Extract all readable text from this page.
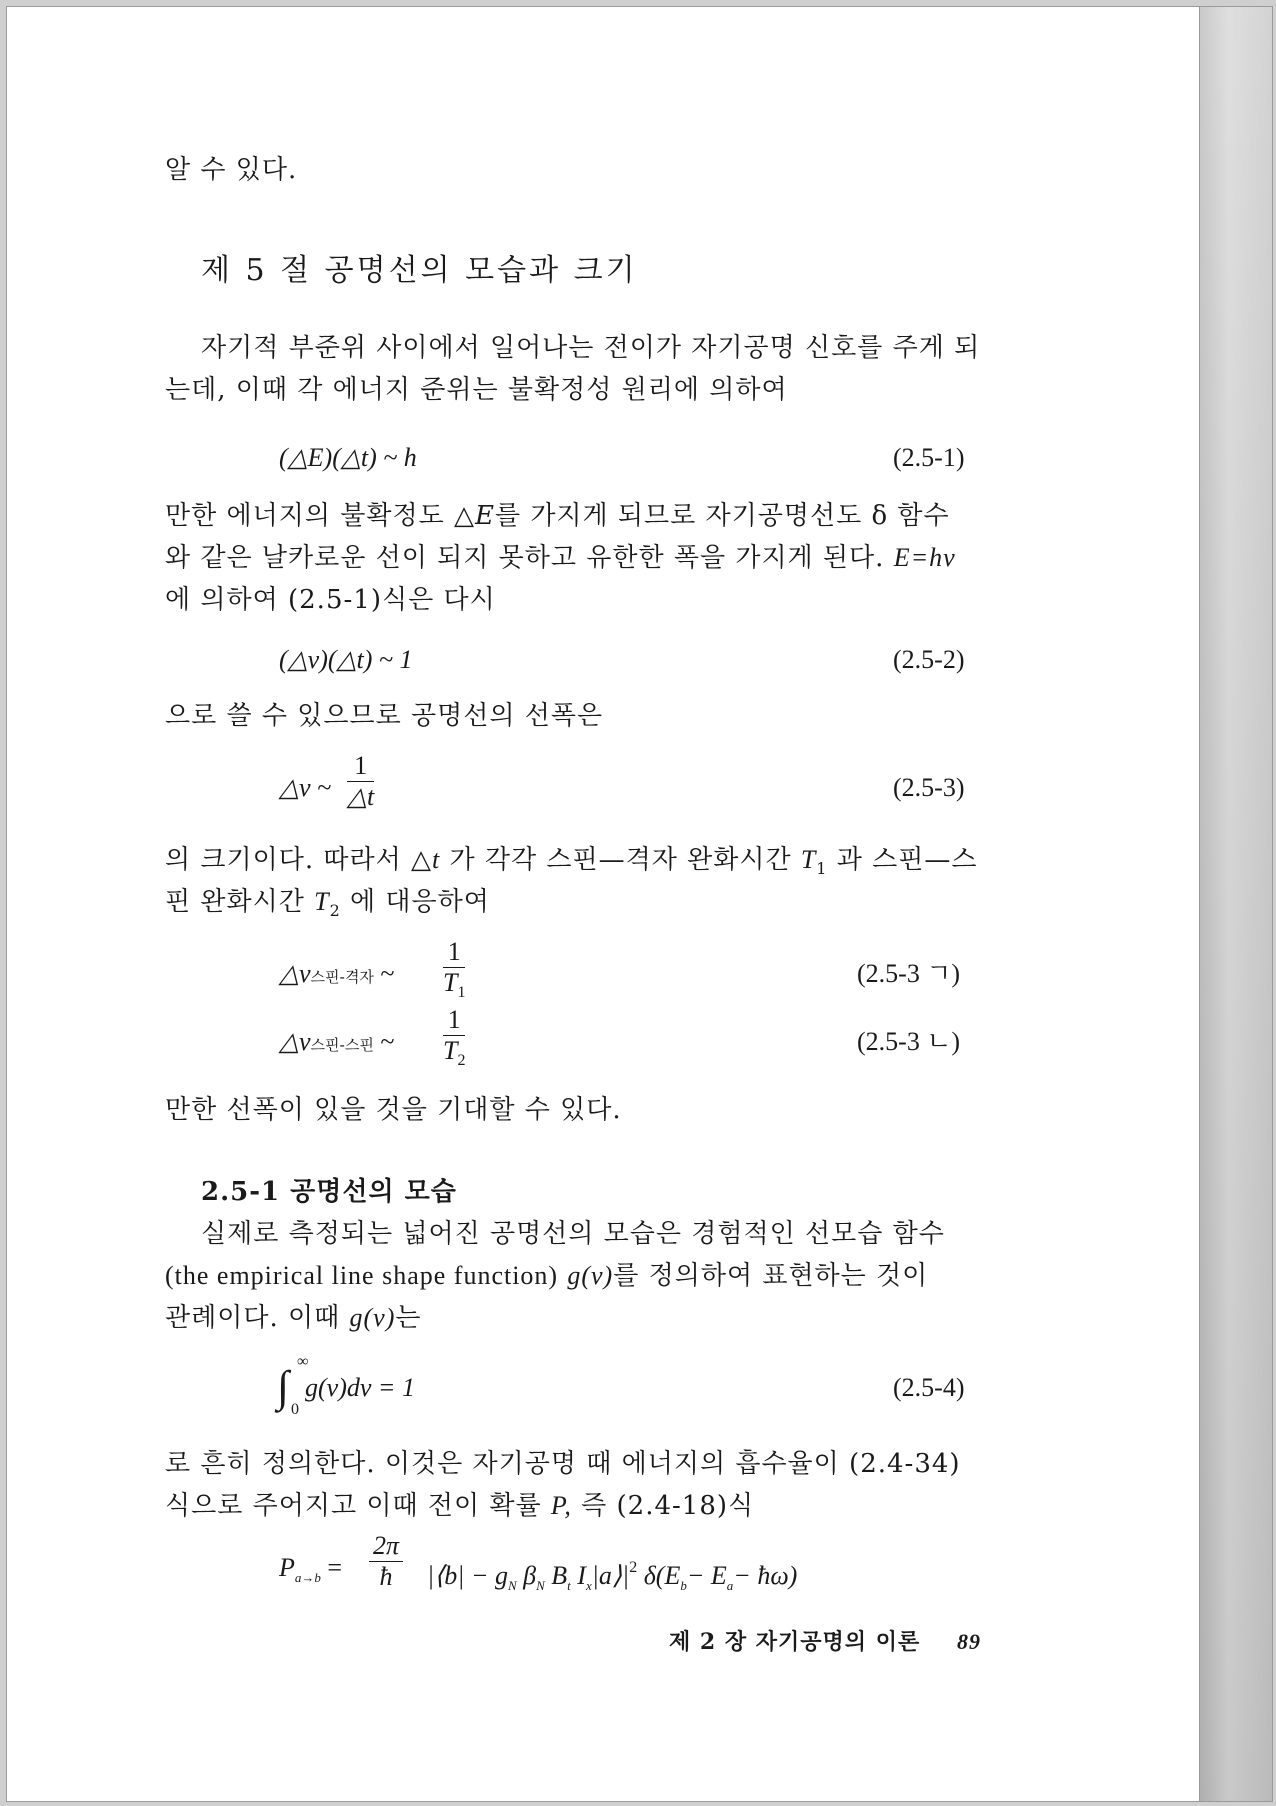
알 수 있다.
제 5 절 공명선의 모습과 크기
자기적 부준위 사이에서 일어나는 전이가 자기공명 신호를 주게 되
는데, 이때 각 에너지 준위는 불확정성 원리에 의하여
(△E)(△t) ~ h	(2.5-1)
만한 에너지의 불확정도 △E를 가지게 되므로 자기공명선도 δ 함수
와 같은 날카로운 선이 되지 못하고 유한한 폭을 가지게 된다. E=hν
에 의하여 (2.5-1)식은 다시
(△ν)(△t) ~ 1	(2.5-2)
으로 쓸 수 있으므로 공명선의 선폭은
△ν ~ $\frac{1}{\triangle t}$	(2.5-3)
의 크기이다. 따라서 △t 가 각각 스핀—격자 완화시간 $T_1$ 과 스핀—스
핀 완화시간 $T_2$ 에 대응하여
△ν스핀-격자 ~ $\frac{1}{T_1}$	(2.5-3 ㄱ)
△ν스핀-스핀 ~ $\frac{1}{T_2}$	(2.5-3 ㄴ)
만한 선폭이 있을 것을 기대할 수 있다.
2.5-1 공명선의 모습
실제로 측정되는 넓어진 공명선의 모습은 경험적인 선모습 함수
(the empirical line shape function) g(ν)를 정의하여 표현하는 것이
관례이다. 이때 g(ν)는
∫
∞
0
g(ν)dν = 1	(2.5-4)
로 흔히 정의한다. 이것은 자기공명 때 에너지의 흡수율이 (2.4-34)
식으로 주어지고 이때 전이 확률 P, 즉 (2.4-18)식
$P_{a\to b} = \frac{2\pi}{ħ}$ |⟨b| − $g_N$ $\beta_N$ $B_t$ $I_x|a⟩|^2$ $\delta(E_b- E_a-$ ħω)
제 2 장 자기공명의 이론 89
